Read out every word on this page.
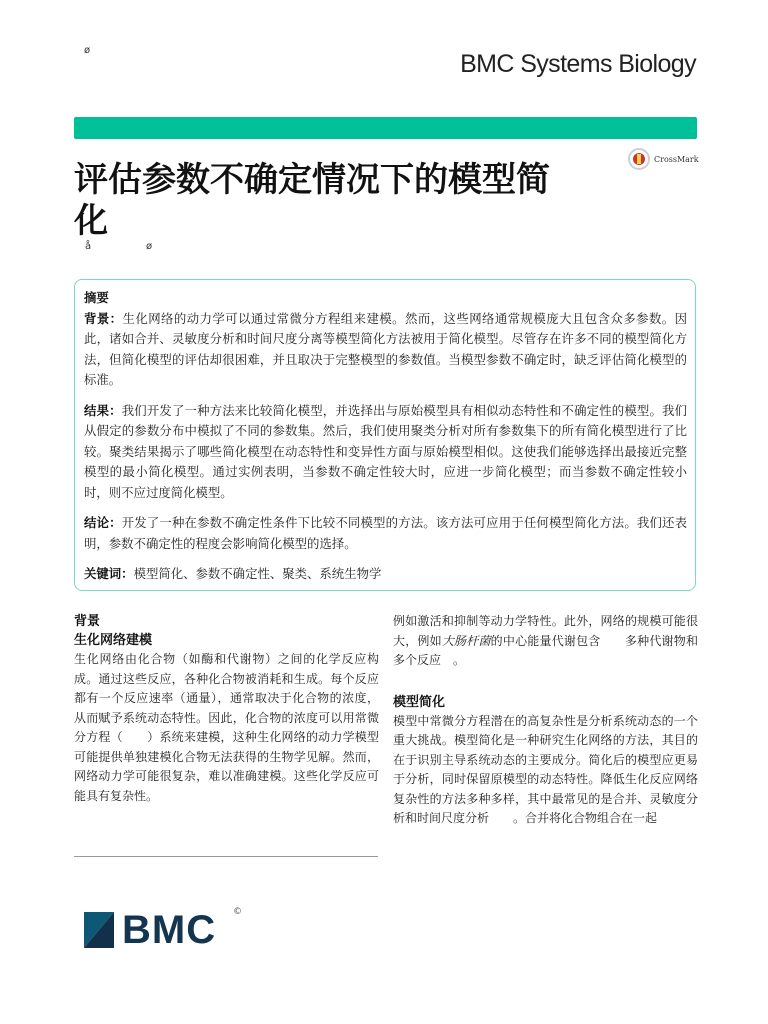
ø	BMC Systems Biology
CrossMark
评估参数不确定情况下的模型简化
å	ø

摘要

背景：生化网络的动力学可以通过常微分方程组来建模。然而，这些网络通常规模庞大且包含众多参数。因此，诸如合并、灵敏度分析和时间尺度分离等模型简化方法被用于简化模型。尽管存在许多不同的模型简化方法，但简化模型的评估却很困难，并且取决于完整模型的参数值。当模型参数不确定时，缺乏评估简化模型的标准。

结果：我们开发了一种方法来比较简化模型，并选择出与原始模型具有相似动态特性和不确定性的模型。我们从假定的参数分布中模拟了不同的参数集。然后，我们使用聚类分析对所有参数集下的所有简化模型进行了比较。聚类结果揭示了哪些简化模型在动态特性和变异性方面与原始模型相似。这使我们能够选择出最接近完整模型的最小简化模型。通过实例表明，当参数不确定性较大时，应进一步简化模型；而当参数不确定性较小时，则不应过度简化模型。

结论：开发了一种在参数不确定性条件下比较不同模型的方法。该方法可应用于任何模型简化方法。我们还表明，参数不确定性的程度会影响简化模型的选择。

关键词：模型简化、参数不确定性、聚类、系统生物学

背景

生化网络建模

生化网络由化合物（如酶和代谢物）之间的化学反应构成。通过这些反应，各种化合物被消耗和生成。每个反应都有一个反应速率（通量），通常取决于化合物的浓度，从而赋予系统动态特性。因此，化合物的浓度可以用常微分方程（　　）系统来建模，这种生化网络的动力学模型可能提供单独建模化合物无法获得的生物学见解。然而，网络动力学可能很复杂，难以准确建模。这些化学反应可能具有复杂性。

例如激活和抑制等动力学特性。此外，网络的规模可能很大，例如大肠杆菌的中心能量代谢包含　　多种代谢物和　　多个反应　。

模型简化

模型中常微分方程潜在的高复杂性是分析系统动态的一个重大挑战。模型简化是一种研究生化网络的方法，其目的在于识别主导系统动态的主要成分。简化后的模型应更易于分析，同时保留原模型的动态特性。降低生化反应网络复杂性的方法多种多样，其中最常见的是合并、灵敏度分析和时间尺度分析　　。合并将化合物组合在一起

BMC ©
